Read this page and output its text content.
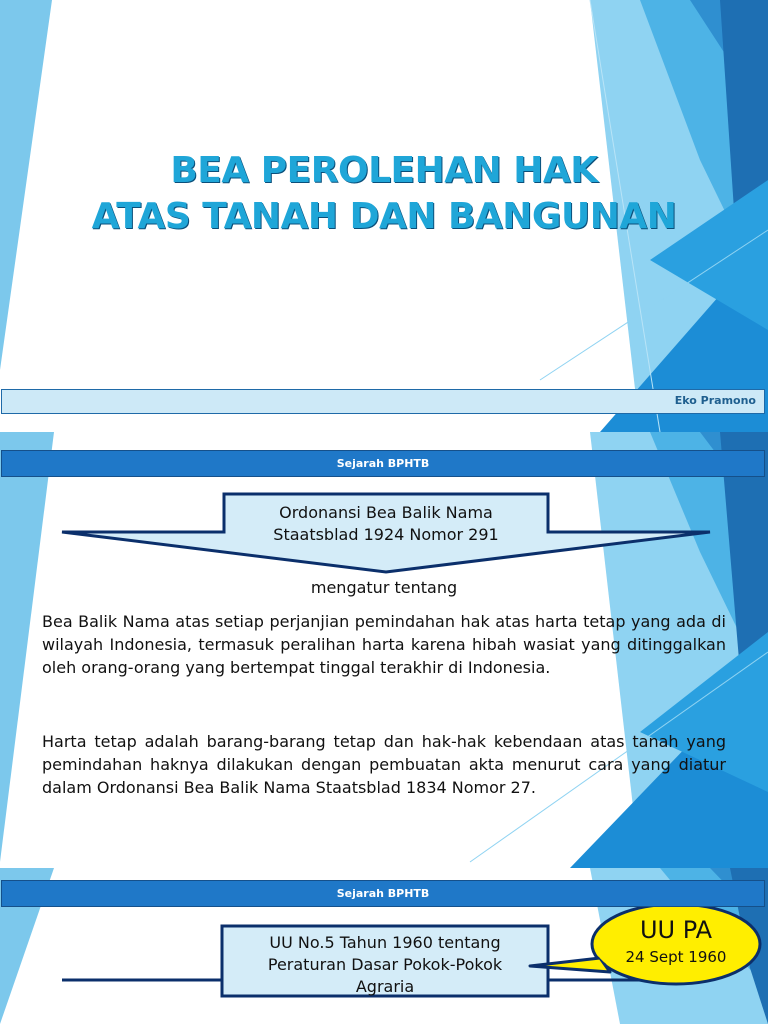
BEA PEROLEHAN HAK
ATAS TANAH DAN BANGUNAN
Eko Pramono
Sejarah BPHTB
Ordonansi Bea Balik Nama
Staatsblad 1924 Nomor 291
mengatur tentang

Bea Balik Nama atas setiap perjanjian pemindahan hak atas harta tetap yang ada di wilayah Indonesia, termasuk peralihan harta karena hibah wasiat yang ditinggalkan oleh orang-orang yang bertempat tinggal terakhir di Indonesia.

Harta tetap adalah barang-barang tetap dan hak-hak kebendaan atas tanah yang pemindahan haknya dilakukan dengan pembuatan akta menurut cara yang diatur dalam Ordonansi Bea Balik Nama Staatsblad 1834 Nomor 27.

Sejarah BPHTB
UU No.5 Tahun 1960 tentang
Peraturan Dasar Pokok-Pokok
Agraria
UU PA
24 Sept 1960
